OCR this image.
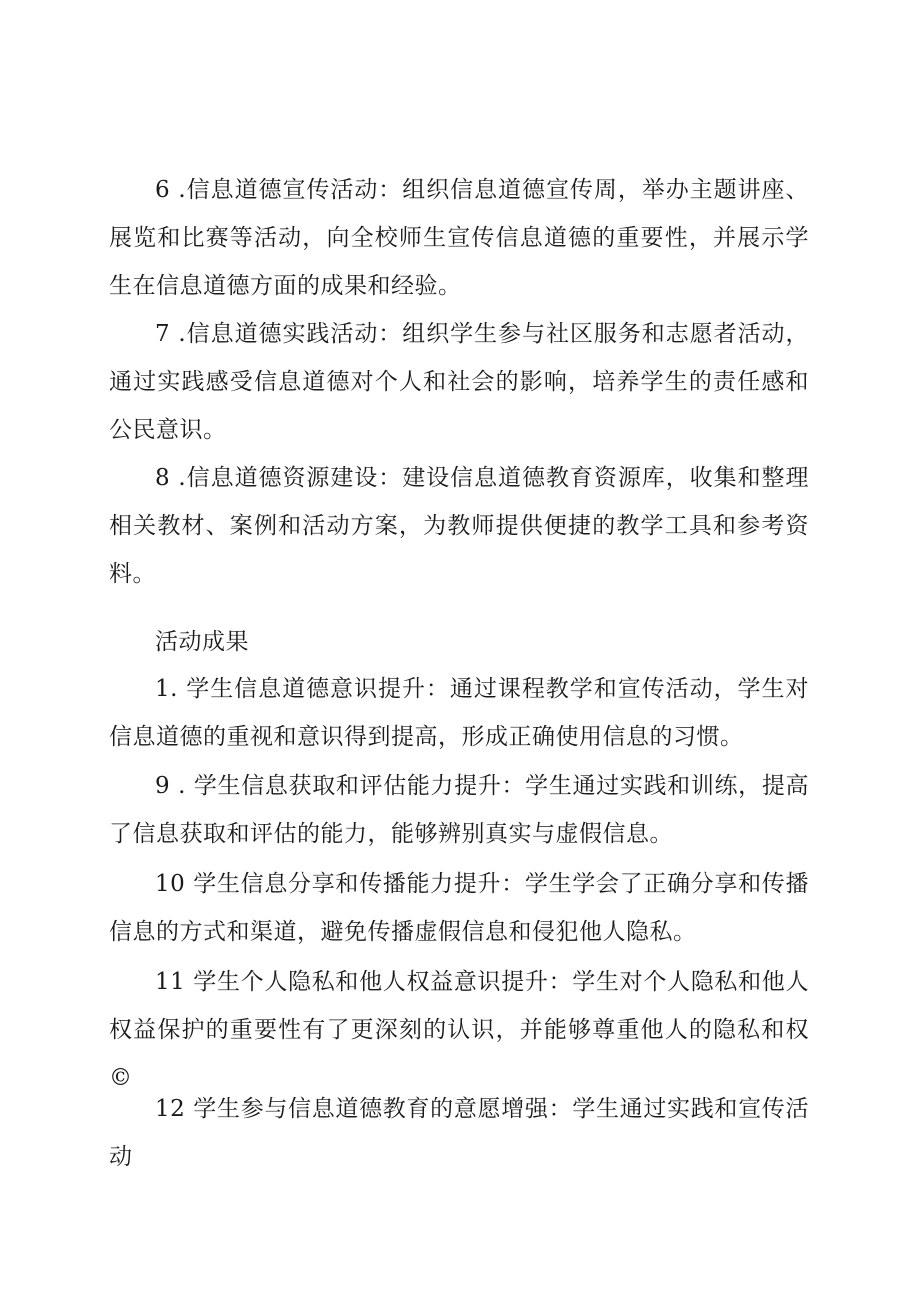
6 .信息道德宣传活动：组织信息道德宣传周，举办主题讲座、展览和比赛等活动，向全校师生宣传信息道德的重要性，并展示学生在信息道德方面的成果和经验。

7 .信息道德实践活动：组织学生参与社区服务和志愿者活动，通过实践感受信息道德对个人和社会的影响，培养学生的责任感和公民意识。

8 .信息道德资源建设：建设信息道德教育资源库，收集和整理相关教材、案例和活动方案，为教师提供便捷的教学工具和参考资料。

活动成果

1. 学生信息道德意识提升：通过课程教学和宣传活动，学生对信息道德的重视和意识得到提高，形成正确使用信息的习惯。

9 . 学生信息获取和评估能力提升：学生通过实践和训练，提高了信息获取和评估的能力，能够辨别真实与虚假信息。

10 学生信息分享和传播能力提升：学生学会了正确分享和传播信息的方式和渠道，避免传播虚假信息和侵犯他人隐私。

11 学生个人隐私和他人权益意识提升：学生对个人隐私和他人权益保护的重要性有了更深刻的认识，并能够尊重他人的隐私和权©

12 学生参与信息道德教育的意愿增强：学生通过实践和宣传活动
